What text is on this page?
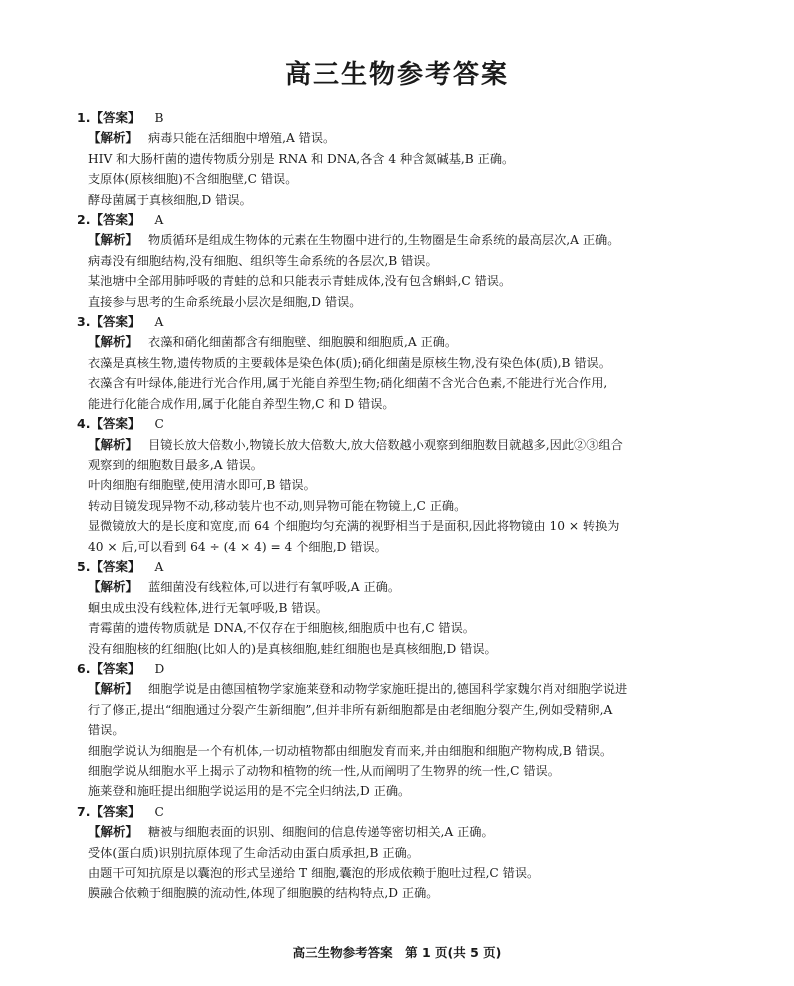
高三生物参考答案
1.【答案】 B
【解析】 病毒只能在活细胞中增殖,A 错误。
HIV 和大肠杆菌的遗传物质分别是 RNA 和 DNA,各含 4 种含氮碱基,B 正确。
支原体(原核细胞)不含细胞壁,C 错误。
酵母菌属于真核细胞,D 错误。
2.【答案】 A
【解析】 物质循环是组成生物体的元素在生物圈中进行的,生物圈是生命系统的最高层次,A 正确。
病毒没有细胞结构,没有细胞、组织等生命系统的各层次,B 错误。
某池塘中全部用肺呼吸的青蛙的总和只能表示青蛙成体,没有包含蝌蚪,C 错误。
直接参与思考的生命系统最小层次是细胞,D 错误。
3.【答案】 A
【解析】 衣藻和硝化细菌都含有细胞壁、细胞膜和细胞质,A 正确。
衣藻是真核生物,遗传物质的主要载体是染色体(质);硝化细菌是原核生物,没有染色体(质),B 错误。
衣藻含有叶绿体,能进行光合作用,属于光能自养型生物;硝化细菌不含光合色素,不能进行光合作用,
能进行化能合成作用,属于化能自养型生物,C 和 D 错误。
4.【答案】 C
【解析】 目镜长放大倍数小,物镜长放大倍数大,放大倍数越小观察到细胞数目就越多,因此②③组合
观察到的细胞数目最多,A 错误。
叶肉细胞有细胞壁,使用清水即可,B 错误。
转动目镜发现异物不动,移动装片也不动,则异物可能在物镜上,C 正确。
显微镜放大的是长度和宽度,而 64 个细胞均匀充满的视野相当于是面积,因此将物镜由 10 × 转换为
40 × 后,可以看到 64 ÷ (4 × 4) = 4 个细胞,D 错误。
5.【答案】 A
【解析】 蓝细菌没有线粒体,可以进行有氧呼吸,A 正确。
蛔虫成虫没有线粒体,进行无氧呼吸,B 错误。
青霉菌的遗传物质就是 DNA,不仅存在于细胞核,细胞质中也有,C 错误。
没有细胞核的红细胞(比如人的)是真核细胞,蛙红细胞也是真核细胞,D 错误。
6.【答案】 D
【解析】 细胞学说是由德国植物学家施莱登和动物学家施旺提出的,德国科学家魏尔肖对细胞学说进
行了修正,提出“细胞通过分裂产生新细胞”,但并非所有新细胞都是由老细胞分裂产生,例如受精卵,A
错误。
细胞学说认为细胞是一个有机体,一切动植物都由细胞发育而来,并由细胞和细胞产物构成,B 错误。
细胞学说从细胞水平上揭示了动物和植物的统一性,从而阐明了生物界的统一性,C 错误。
施莱登和施旺提出细胞学说运用的是不完全归纳法,D 正确。
7.【答案】 C
【解析】 糖被与细胞表面的识别、细胞间的信息传递等密切相关,A 正确。
受体(蛋白质)识别抗原体现了生命活动由蛋白质承担,B 正确。
由题干可知抗原是以囊泡的形式呈递给 T 细胞,囊泡的形成依赖于胞吐过程,C 错误。
膜融合依赖于细胞膜的流动性,体现了细胞膜的结构特点,D 正确。
高三生物参考答案　第 1 页(共 5 页)
